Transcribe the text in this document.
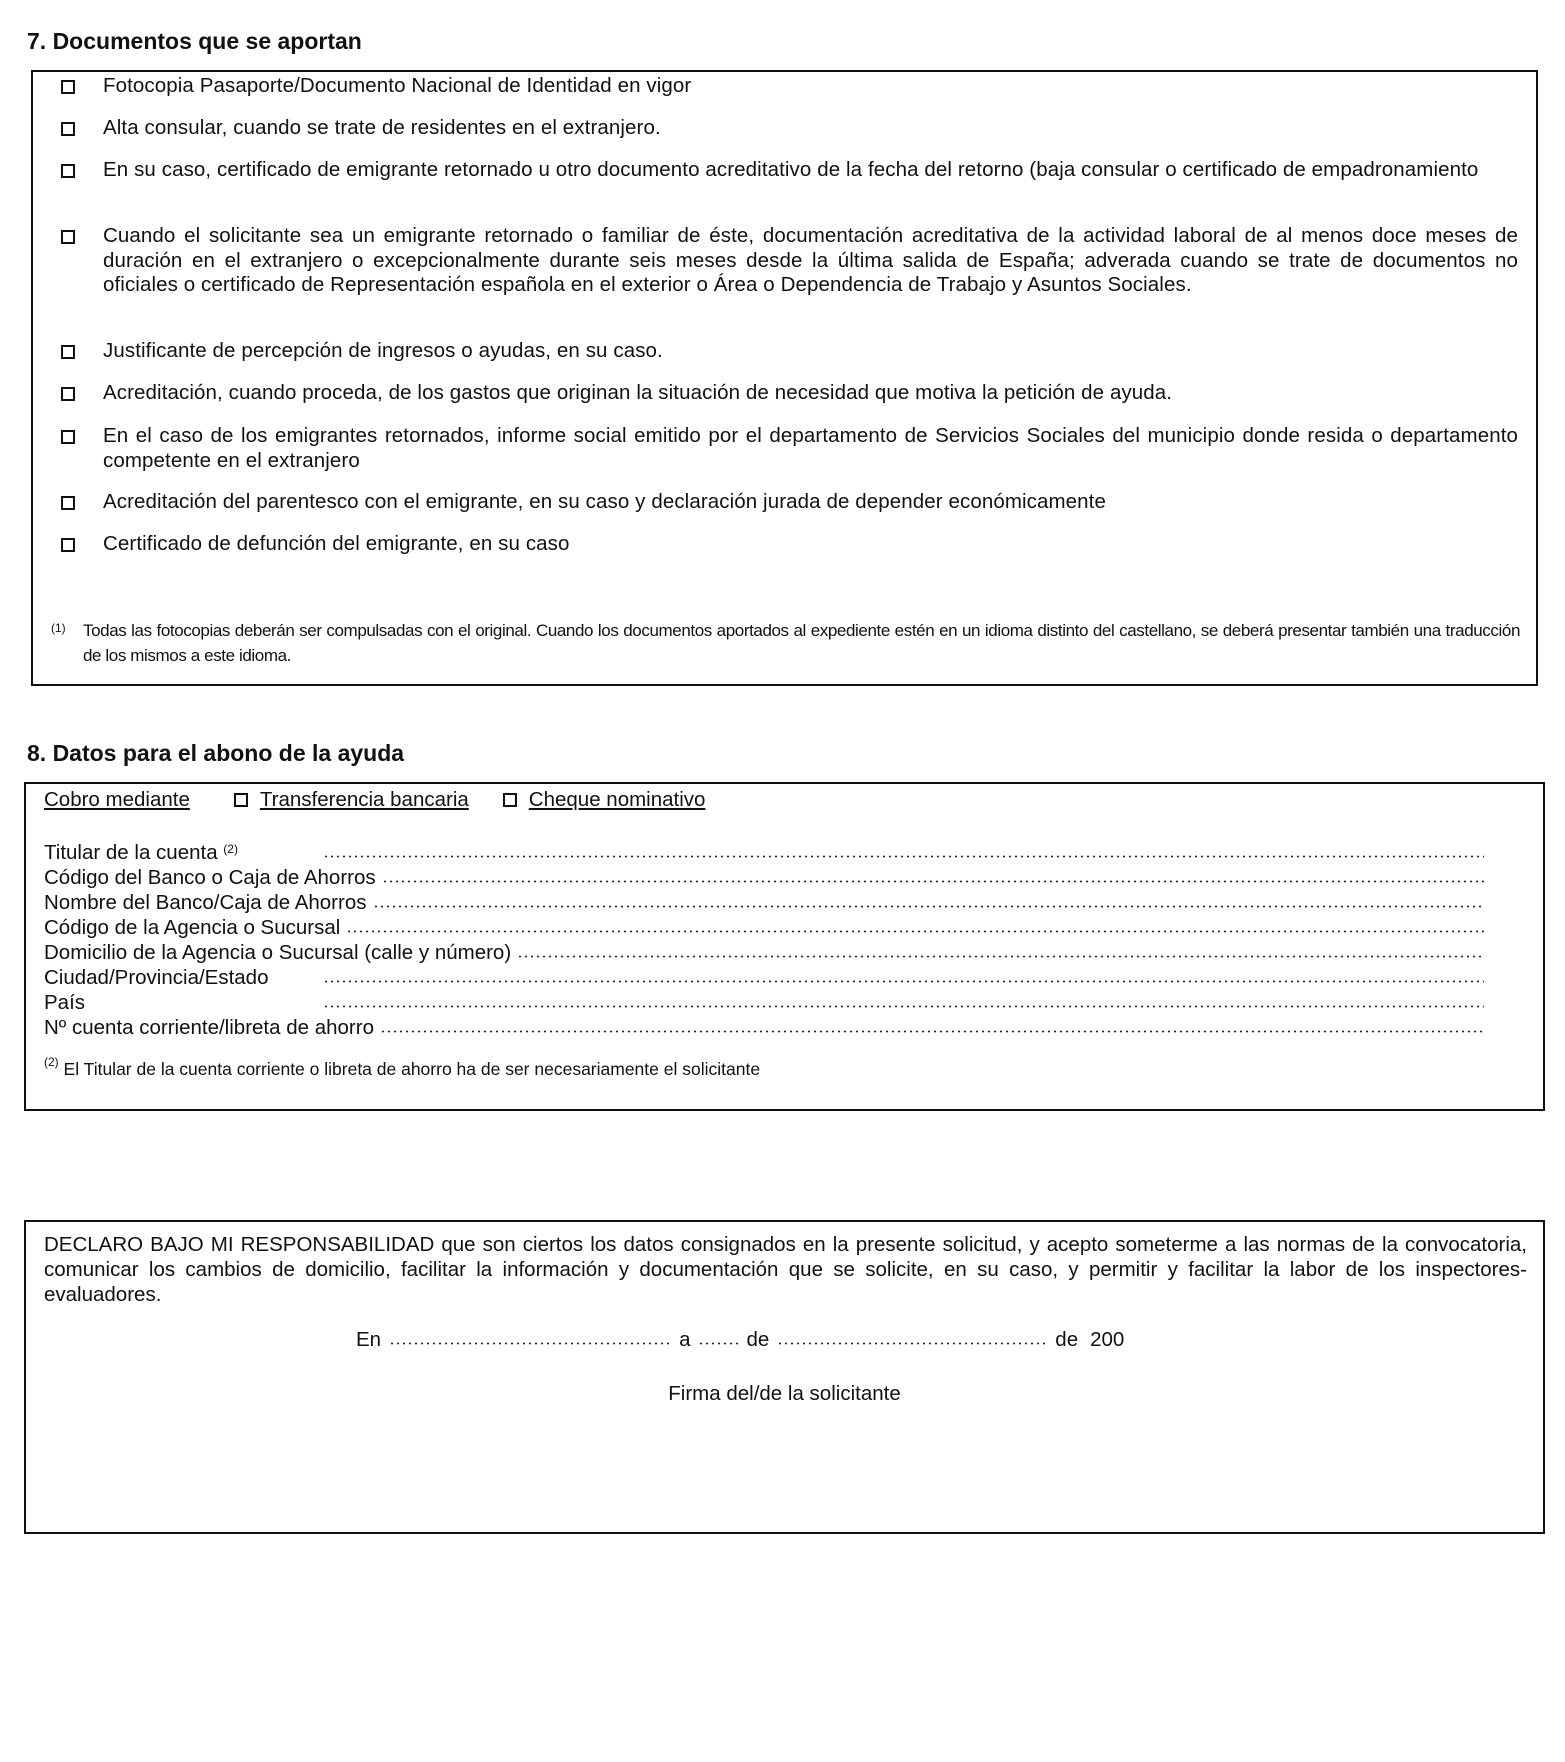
7. Documentos que se aportan
Fotocopia Pasaporte/Documento Nacional de Identidad en vigor
Alta consular, cuando se trate de residentes en el extranjero.
En su caso, certificado de emigrante retornado u otro documento acreditativo de la fecha del retorno (baja consular o certificado de empadronamiento
Cuando el solicitante sea un emigrante retornado o familiar de éste, documentación acreditativa de la actividad laboral de al menos doce meses de duración en el extranjero o excepcionalmente durante seis meses desde la última salida de España; adverada cuando se trate de documentos no oficiales o certificado de Representación española en el exterior o Área o Dependencia de Trabajo y Asuntos Sociales.
Justificante de percepción de ingresos o ayudas, en su caso.
Acreditación, cuando proceda, de los gastos que originan la situación de necesidad que motiva la petición de ayuda.
En el caso de los emigrantes retornados, informe social emitido por el departamento de Servicios Sociales del municipio donde resida o departamento competente en el extranjero
Acreditación del parentesco con el emigrante, en su caso y declaración jurada de depender económicamente
Certificado de defunción del emigrante, en su caso
(1)	Todas las fotocopias deberán ser compulsadas con el original. Cuando los documentos aportados al expediente estén en un idioma distinto del castellano, se deberá presentar también una traducción de los mismos a este idioma.
8. Datos para el abono de la ayuda
Cobro mediante	Transferencia bancaria	Cheque nominativo
Titular de la cuenta $^{(2)}$
Código del Banco o Caja de Ahorros
Nombre del Banco/Caja de Ahorros
Código de la Agencia o Sucursal
Domicilio de la Agencia o Sucursal (calle y número)
Ciudad/Provincia/Estado
País
Nº cuenta corriente/libreta de ahorro
$^{(2)}$ El Titular de la cuenta corriente o libreta de ahorro ha de ser necesariamente el solicitante
DECLARO BAJO MI RESPONSABILIDAD que son ciertos los datos consignados en la presente solicitud, y acepto someterme a las normas de la convocatoria, comunicar los cambios de domicilio, facilitar la información y documentación que se solicite, en su caso, y permitir y facilitar la labor de los inspectores-evaluadores.
En	a	de	de 200
Firma del/de la solicitante
